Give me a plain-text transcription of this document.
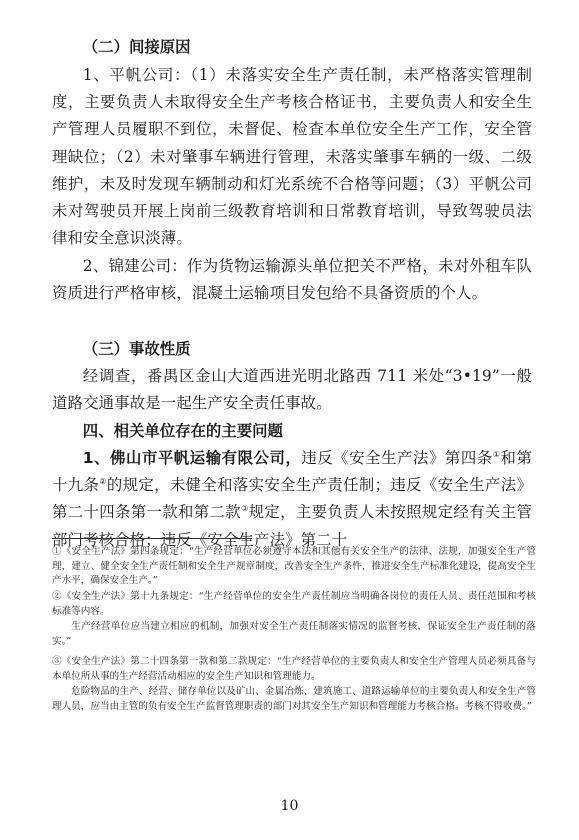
（二）间接原因

1、平帆公司：（1）未落实安全生产责任制，未严格落实管理制度，主要负责人未取得安全生产考核合格证书，主要负责人和安全生产管理人员履职不到位，未督促、检查本单位安全生产工作，安全管理缺位；（2）未对肇事车辆进行管理，未落实肇事车辆的一级、二级维护，未及时发现车辆制动和灯光系统不合格等问题；（3）平帆公司未对驾驶员开展上岗前三级教育培训和日常教育培训，导致驾驶员法律和安全意识淡薄。

2、锦建公司：作为货物运输源头单位把关不严格，未对外租车队资质进行严格审核，混凝土运输项目发包给不具备资质的个人。

（三）事故性质

经调查，番禺区金山大道西进光明北路西 711 米处“3•19”一般道路交通事故是一起生产安全责任事故。

四、相关单位存在的主要问题

1、佛山市平帆运输有限公司，违反《安全生产法》第四条①和第十九条②的规定，未健全和落实安全生产责任制；违反《安全生产法》第二十四条第一款和第二款③规定，主要负责人未按照规定经有关主管部门考核合格；违反《安全生产法》第二十

①《安全生产法》第四条规定：“生产经营单位必须遵守本法和其他有关安全生产的法律、法规，加强安全生产管理，建立、健全安全生产责任制和安全生产规章制度，改善安全生产条件，推进安全生产标准化建设，提高安全生产水平，确保安全生产。”

②《安全生产法》第十九条规定：“生产经营单位的安全生产责任制应当明确各岗位的责任人员、责任范围和考核标准等内容。

生产经营单位应当建立相应的机制，加强对安全生产责任制落实情况的监督考核，保证安全生产责任制的落实。”

③《安全生产法》第二十四条第一款和第二款规定：“生产经营单位的主要负责人和安全生产管理人员必须具备与本单位所从事的生产经营活动相应的安全生产知识和管理能力。

危险物品的生产、经营、储存单位以及矿山、金属冶炼、建筑施工、道路运输单位的主要负责人和安全生产管理人员，应当由主管的负有安全生产监督管理职责的部门对其安全生产知识和管理能力考核合格。考核不得收费。”

10
